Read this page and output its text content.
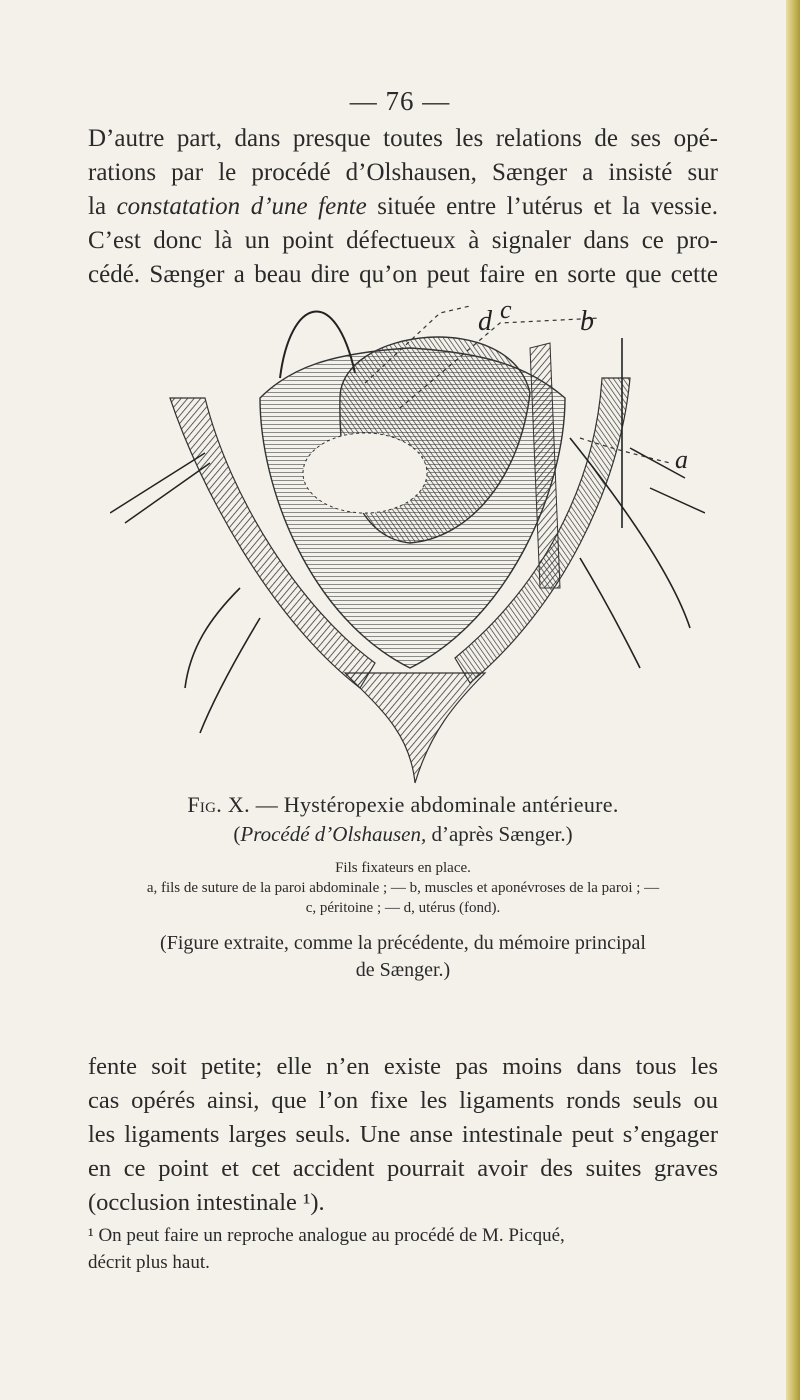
— 76 —
D’autre part, dans presque toutes les relations de ses opé-
rations par le procédé d’Olshausen, Sænger a insisté sur
la constatation d’une fente située entre l’utérus et la vessie.
C’est donc là un point défectueux à signaler dans ce pro-
cédé. Sænger a beau dire qu’on peut faire en sorte que cette
c
d	b
a
Fig. X. — Hystéropexie abdominale antérieure.
(Procédé d’Olshausen, d’après Sænger.)
Fils fixateurs en place.
a, fils de suture de la paroi abdominale ; — b, muscles et aponévroses de la paroi ; —
c, péritoine ; — d, utérus (fond).
(Figure extraite, comme la précédente, du mémoire principal
de Sænger.)
fente soit petite; elle n’en existe pas moins dans tous les
cas opérés ainsi, que l’on fixe les ligaments ronds seuls ou
les ligaments larges seuls. Une anse intestinale peut s’engager
en ce point et cet accident pourrait avoir des suites graves
(occlusion intestinale ¹).
¹ On peut faire un reproche analogue au procédé de M. Picqué,
décrit plus haut.
